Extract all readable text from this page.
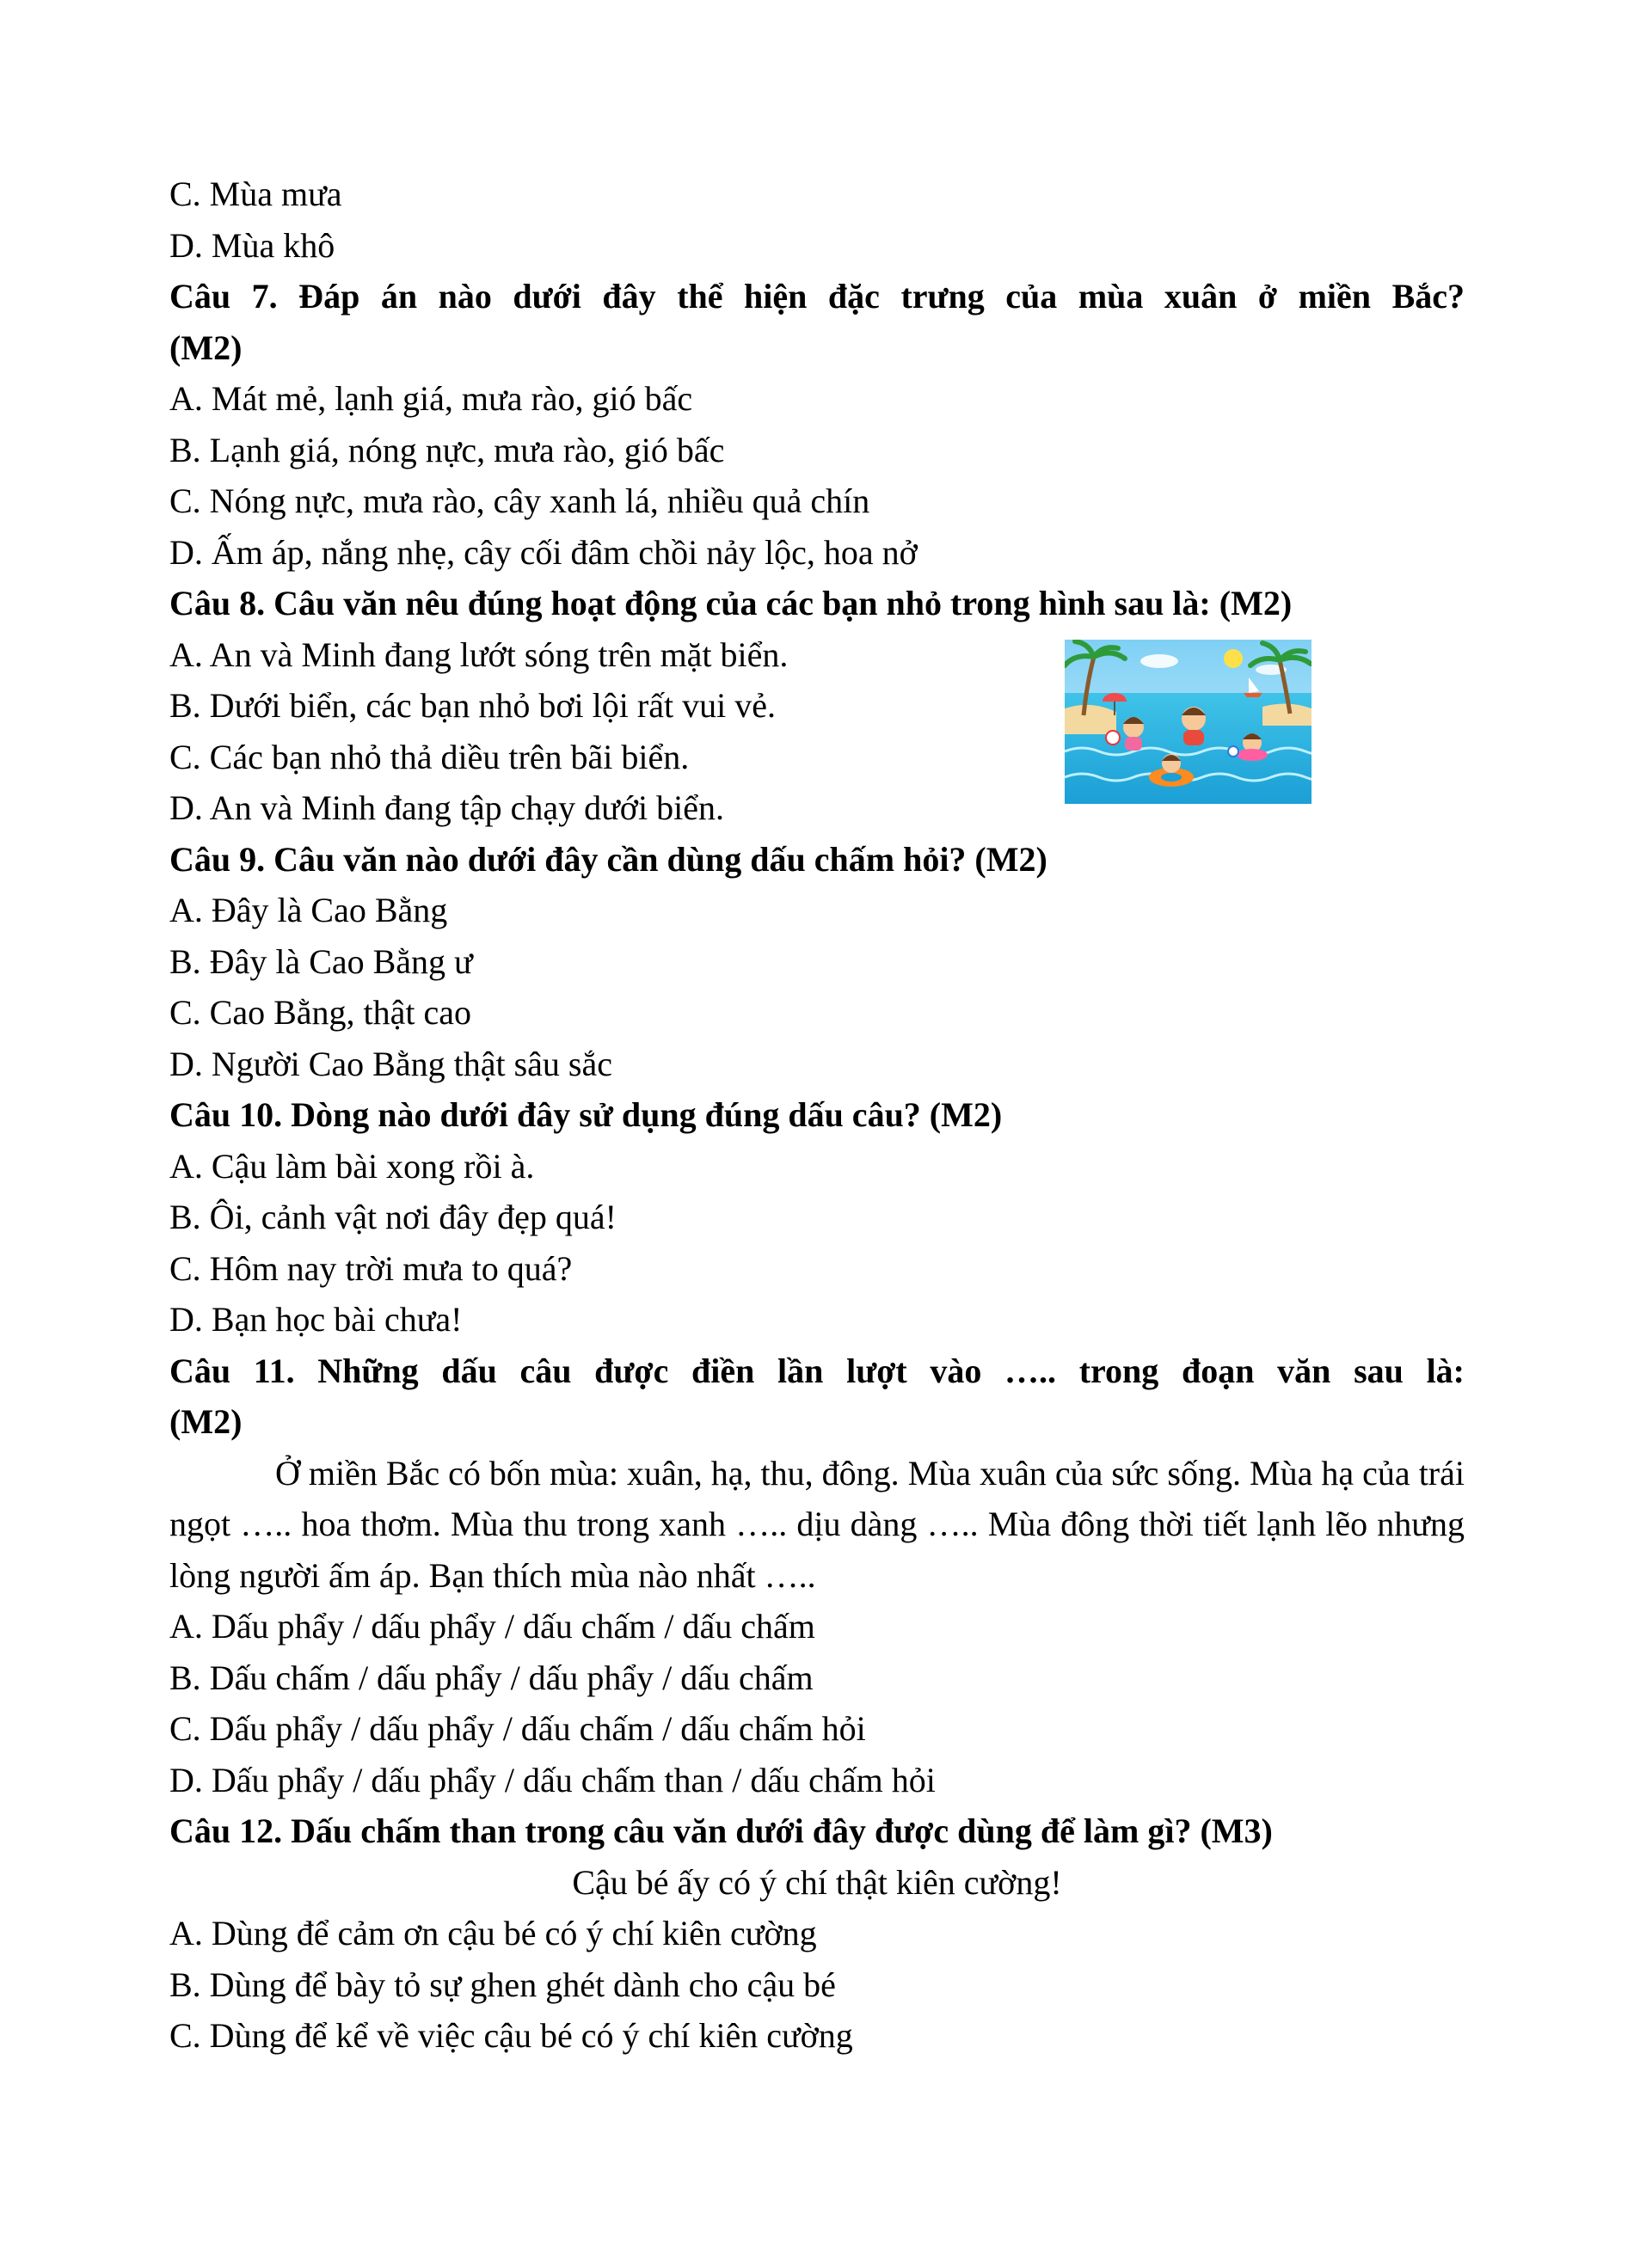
C. Mùa mưa
D. Mùa khô
Câu 7. Đáp án nào dưới đây thể hiện đặc trưng của mùa xuân ở miền Bắc?
(M2)
A. Mát mẻ, lạnh giá, mưa rào, gió bấc
B. Lạnh giá, nóng nực, mưa rào, gió bấc
C. Nóng nực, mưa rào, cây xanh lá, nhiều quả chín
D. Ấm áp, nắng nhẹ, cây cối đâm chồi nảy lộc, hoa nở
Câu 8. Câu văn nêu đúng hoạt động của các bạn nhỏ trong hình sau là: (M2)
A. An và Minh đang lướt sóng trên mặt biển.
B. Dưới biển, các bạn nhỏ bơi lội rất vui vẻ.
C. Các bạn nhỏ thả diều trên bãi biển.
D. An và Minh đang tập chạy dưới biển.
Câu 9. Câu văn nào dưới đây cần dùng dấu chấm hỏi? (M2)
A. Đây là Cao Bằng
B. Đây là Cao Bằng ư
C. Cao Bằng, thật cao
D. Người Cao Bằng thật sâu sắc
Câu 10. Dòng nào dưới đây sử dụng đúng dấu câu? (M2)
A. Cậu làm bài xong rồi à.
B. Ôi, cảnh vật nơi đây đẹp quá!
C. Hôm nay trời mưa to quá?
D. Bạn học bài chưa!
Câu 11. Những dấu câu được điền lần lượt vào ….. trong đoạn văn sau là:
(M2)
Ở miền Bắc có bốn mùa: xuân, hạ, thu, đông. Mùa xuân của sức sống. Mùa hạ của trái ngọt ….. hoa thơm. Mùa thu trong xanh ….. dịu dàng ….. Mùa đông thời tiết lạnh lẽo nhưng lòng người ấm áp. Bạn thích mùa nào nhất …..
A. Dấu phẩy / dấu phẩy / dấu chấm / dấu chấm
B. Dấu chấm / dấu phẩy / dấu phẩy / dấu chấm
C. Dấu phẩy / dấu phẩy / dấu chấm / dấu chấm hỏi
D. Dấu phẩy / dấu phẩy / dấu chấm than / dấu chấm hỏi
Câu 12. Dấu chấm than trong câu văn dưới đây được dùng để làm gì? (M3)
Cậu bé ấy có ý chí thật kiên cường!
A. Dùng để cảm ơn cậu bé có ý chí kiên cường
B. Dùng để bày tỏ sự ghen ghét dành cho cậu bé
C. Dùng để kể về việc cậu bé có ý chí kiên cường
